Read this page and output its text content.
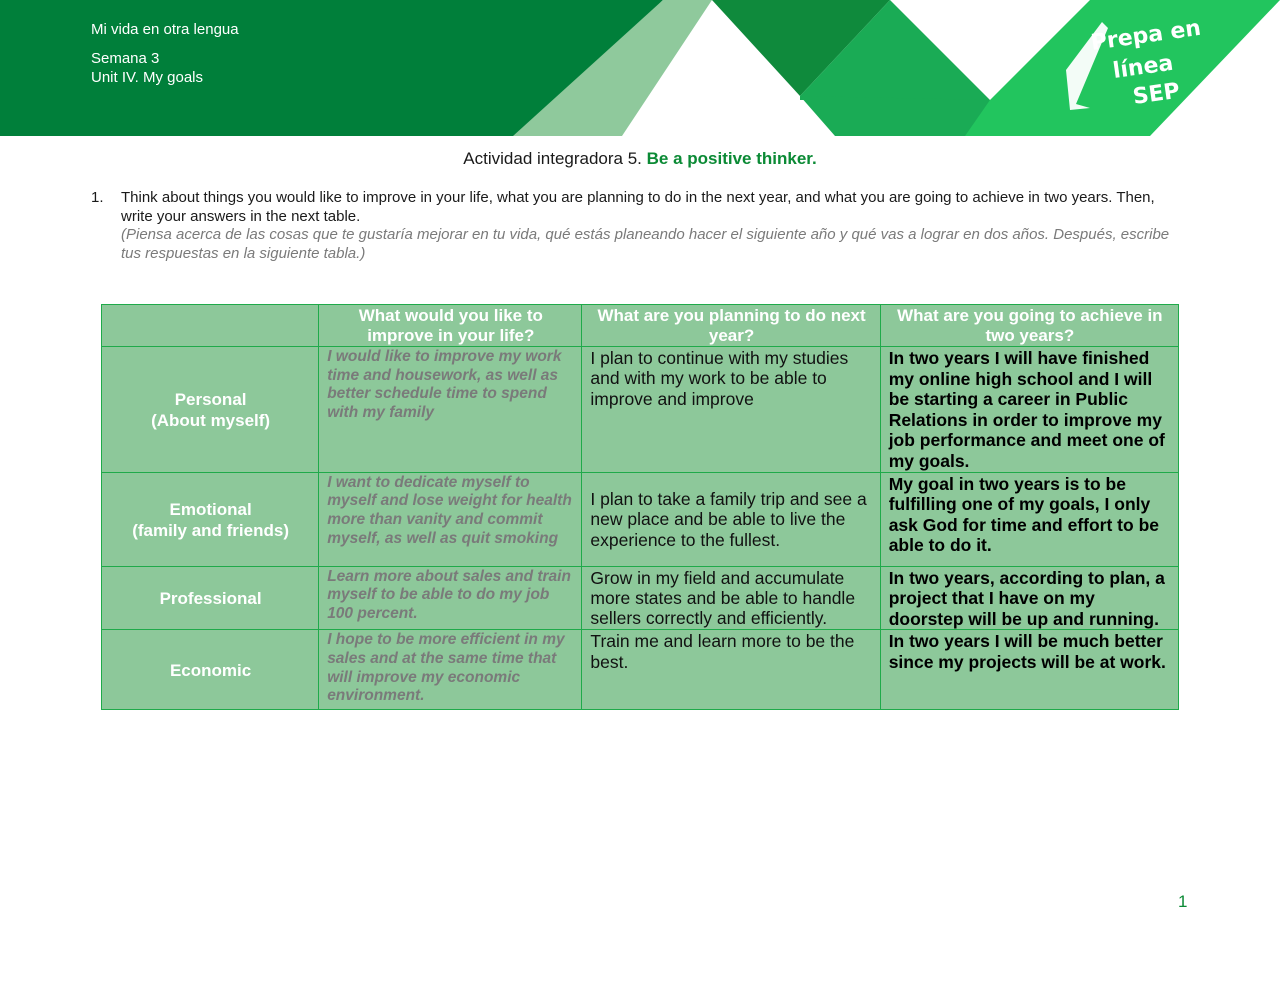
Mi vida en otra lengua
Semana 3
Unit IV. My goals
Prepa en
línea
SEP
Actividad integradora 5. Be a positive thinker.
1. Think about things you would like to improve in your life, what you are planning to do in the next year, and what you are going to achieve in two years. Then, write your answers in the next table.
(Piensa acerca de las cosas que te gustaría mejorar en tu vida, qué estás planeando hacer el siguiente año y qué vas a lograr en dos años. Después, escribe tus respuestas en la siguiente tabla.)
	What would you like to improve in your life?	What are you planning to do next year?	What are you going to achieve in two years?

Personal
(About myself)	I would like to improve my work time and housework, as well as better schedule time to spend with my family	I plan to continue with my studies and with my work to be able to improve and improve	In two years I will have finished my online high school and I will be starting a career in Public Relations in order to improve my job performance and meet one of my goals.

Emotional
(family and friends)	I want to dedicate myself to myself and lose weight for health more than vanity and commit myself, as well as quit smoking	I plan to take a family trip and see a new place and be able to live the experience to the fullest.	My goal in two years is to be fulfilling one of my goals, I only ask God for time and effort to be able to do it.
Professional	Learn more about sales and train myself to be able to do my job 100 percent.	Grow in my field and accumulate more states and be able to handle sellers correctly and efficiently.	In two years, according to plan, a project that I have on my doorstep will be up and running.
Economic	I hope to be more efficient in my sales and at the same time that will improve my economic environment.	Train me and learn more to be the best.	In two years I will be much better since my projects will be at work.
1
